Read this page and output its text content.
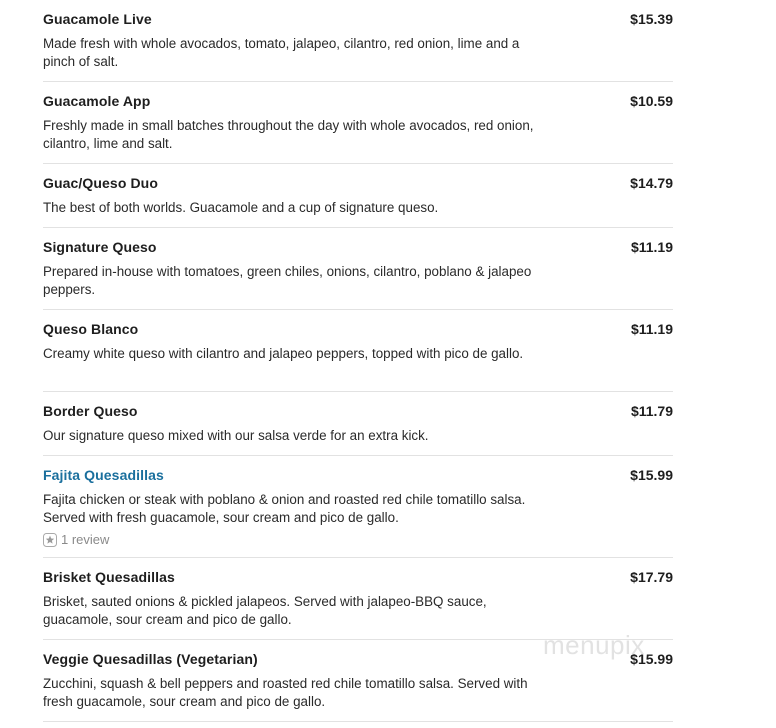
Guacamole Live	$15.39
Made fresh with whole avocados, tomato, jalapeo, cilantro, red onion, lime and a pinch of salt.
Guacamole App	$10.59
Freshly made in small batches throughout the day with whole avocados, red onion, cilantro, lime and salt.
Guac/Queso Duo	$14.79
The best of both worlds. Guacamole and a cup of signature queso.
Signature Queso	$11.19
Prepared in-house with tomatoes, green chiles, onions, cilantro, poblano & jalapeo peppers.
Queso Blanco	$11.19
Creamy white queso with cilantro and jalapeo peppers, topped with pico de gallo.
Border Queso	$11.79
Our signature queso mixed with our salsa verde for an extra kick.
Fajita Quesadillas	$15.99
Fajita chicken or steak with poblano & onion and roasted red chile tomatillo salsa. Served with fresh guacamole, sour cream and pico de gallo.
1 review
Brisket Quesadillas	$17.79
Brisket, sauted onions & pickled jalapeos. Served with jalapeo-BBQ sauce, guacamole, sour cream and pico de gallo.
Veggie Quesadillas (Vegetarian)	$15.99
Zucchini, squash & bell peppers and roasted red chile tomatillo salsa. Served with fresh guacamole, sour cream and pico de gallo.
menupix
